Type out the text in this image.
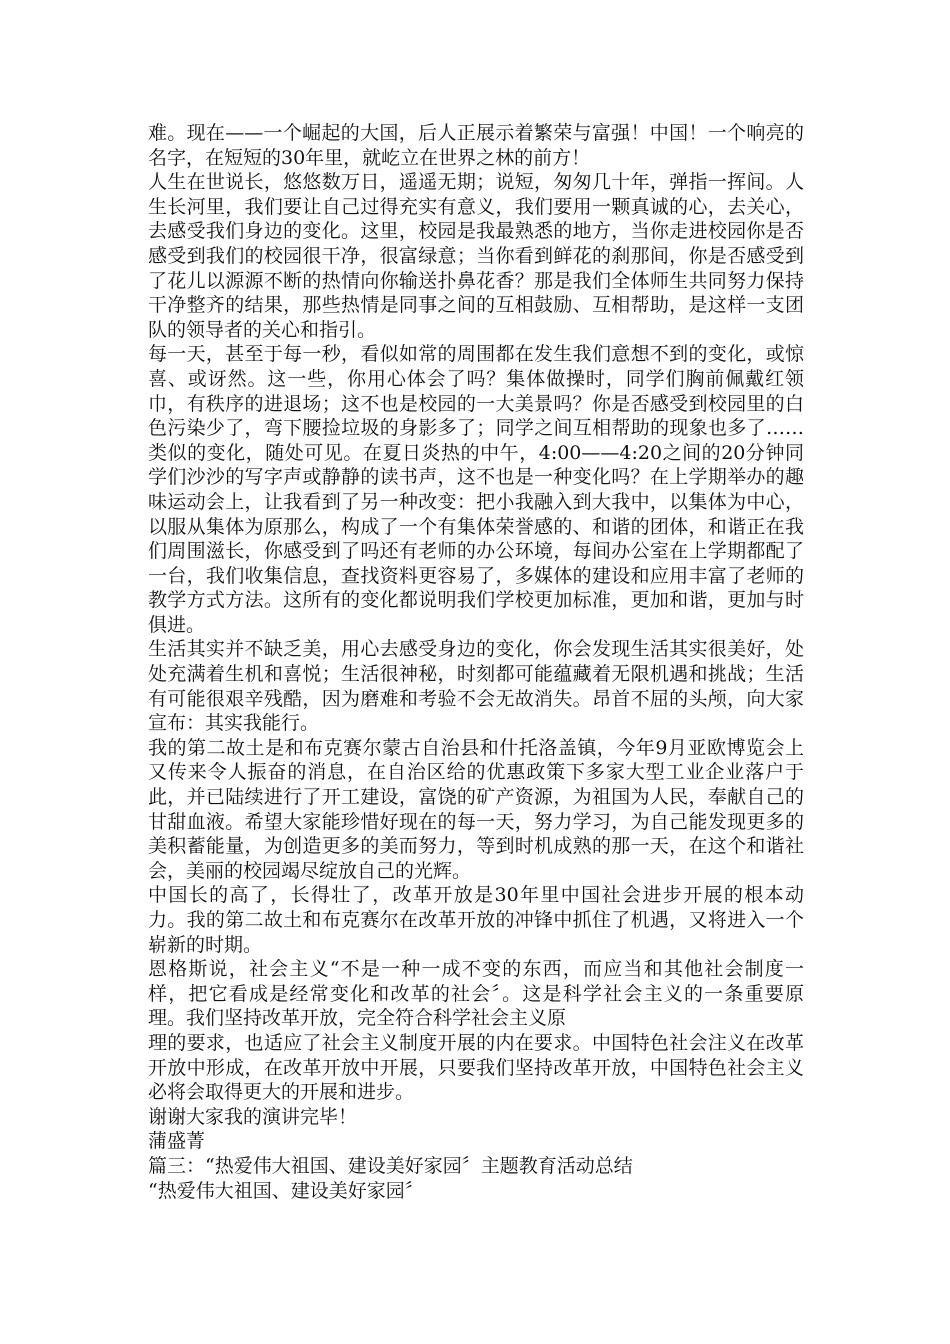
难。现在——一个崛起的大国，后人正展示着繁荣与富强！中国！一个响亮的
名字，在短短的30年里，就屹立在世界之林的前方！
人生在世说长，悠悠数万日，遥遥无期；说短，匆匆几十年，弹指一挥间。人
生长河里，我们要让自己过得充实有意义，我们要用一颗真诚的心，去关心，
去感受我们身边的变化。这里，校园是我最熟悉的地方，当你走进校园你是否
感受到我们的校园很干净，很富绿意；当你看到鲜花的刹那间，你是否感受到
了花儿以源源不断的热情向你输送扑鼻花香？那是我们全体师生共同努力保持
干净整齐的结果，那些热情是同事之间的互相鼓励、互相帮助，是这样一支团
队的领导者的关心和指引。
每一天，甚至于每一秒，看似如常的周围都在发生我们意想不到的变化，或惊
喜、或讶然。这一些，你用心体会了吗？集体做操时，同学们胸前佩戴红领
巾，有秩序的进退场；这不也是校园的一大美景吗？你是否感受到校园里的白
色污染少了，弯下腰捡垃圾的身影多了；同学之间互相帮助的现象也多了……
类似的变化，随处可见。在夏日炎热的中午，4:00——4:20之间的20分钟同
学们沙沙的写字声或静静的读书声，这不也是一种变化吗？在上学期举办的趣
味运动会上，让我看到了另一种改变：把小我融入到大我中，以集体为中心，
以服从集体为原那么，构成了一个有集体荣誉感的、和谐的团体，和谐正在我
们周围滋长，你感受到了吗还有老师的办公环境，每间办公室在上学期都配了
一台，我们收集信息，查找资料更容易了，多媒体的建设和应用丰富了老师的
教学方式方法。这所有的变化都说明我们学校更加标准，更加和谐，更加与时
俱进。
生活其实并不缺乏美，用心去感受身边的变化，你会发现生活其实很美好，处
处充满着生机和喜悦；生活很神秘，时刻都可能蕴藏着无限机遇和挑战；生活
有可能很艰辛残酷，因为磨难和考验不会无故消失。昂首不屈的头颅，向大家
宣布：其实我能行。
我的第二故土是和布克赛尔蒙古自治县和什托洛盖镇，今年9月亚欧博览会上
又传来令人振奋的消息，在自治区给的优惠政策下多家大型工业企业落户于
此，并已陆续进行了开工建设，富饶的矿产资源，为祖国为人民，奉献自己的
甘甜血液。希望大家能珍惜好现在的每一天，努力学习，为自己能发现更多的
美积蓄能量，为创造更多的美而努力，等到时机成熟的那一天，在这个和谐社
会，美丽的校园竭尽绽放自己的光辉。
中国长的高了，长得壮了，改革开放是30年里中国社会进步开展的根本动
力。我的第二故土和布克赛尔在改革开放的冲锋中抓住了机遇，又将进入一个
崭新的时期。
恩格斯说，社会主义“不是一种一成不变的东西，而应当和其他社会制度一
样，把它看成是经常变化和改革的社会〞。这是科学社会主义的一条重要原
理。我们坚持改革开放，完全符合科学社会主义原
理的要求，也适应了社会主义制度开展的内在要求。中国特色社会注义在改革
开放中形成，在改革开放中开展，只要我们坚持改革开放，中国特色社会主义
必将会取得更大的开展和进步。
谢谢大家我的演讲完毕！
蒲盛菁
篇三：“热爱伟大祖国、建设美好家园〞主题教育活动总结
“热爱伟大祖国、建设美好家园〞
